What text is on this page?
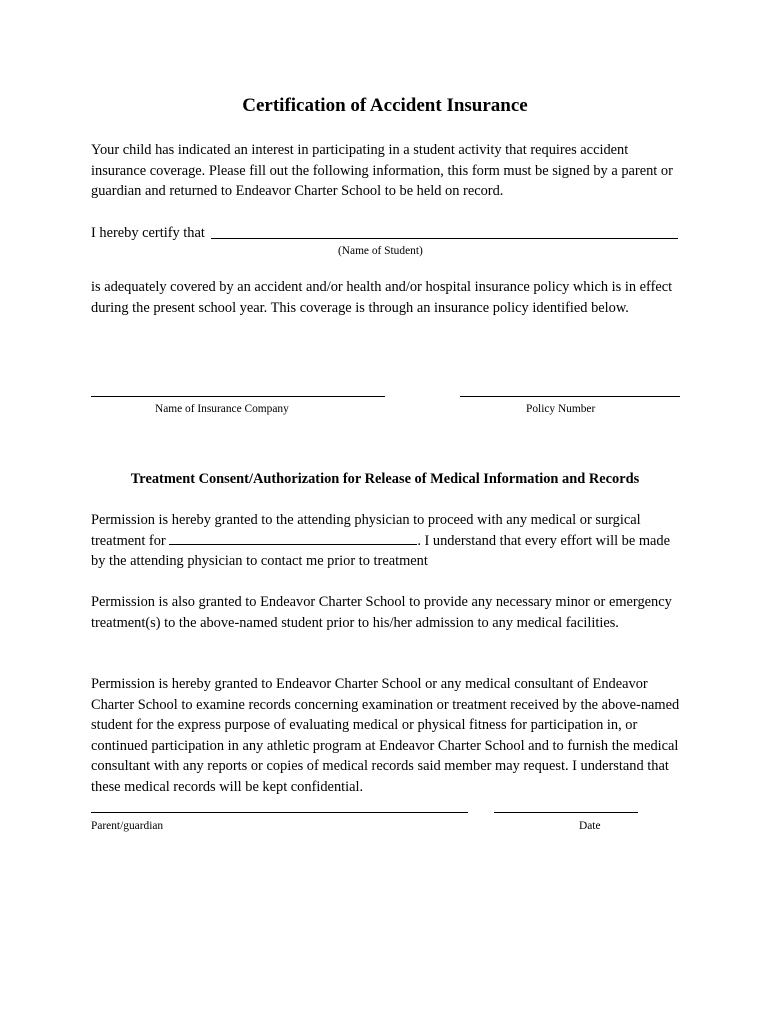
Certification of Accident Insurance

Your child has indicated an interest in participating in a student activity that requires accident insurance coverage. Please fill out the following information, this form must be signed by a parent or guardian and returned to Endeavor Charter School to be held on record.

I hereby certify that
(Name of Student)

is adequately covered by an accident and/or health and/or hospital insurance policy which is in effect during the present school year. This coverage is through an insurance policy identified below.

Name of Insurance Company	Policy Number
Treatment Consent/Authorization for Release of Medical Information and Records

Permission is hereby granted to the attending physician to proceed with any medical or surgical treatment for	. I understand that every effort will be made by the attending physician to contact me prior to treatment

Permission is also granted to Endeavor Charter School to provide any necessary minor or emergency treatment(s) to the above-named student prior to his/her admission to any medical facilities.

Permission is hereby granted to Endeavor Charter School or any medical consultant of Endeavor Charter School to examine records concerning examination or treatment received by the above-named student for the express purpose of evaluating medical or physical fitness for participation in, or continued participation in any athletic program at Endeavor Charter School and to furnish the medical consultant with any reports or copies of medical records said member may request. I understand that these medical records will be kept confidential.

Parent/guardian	Date
